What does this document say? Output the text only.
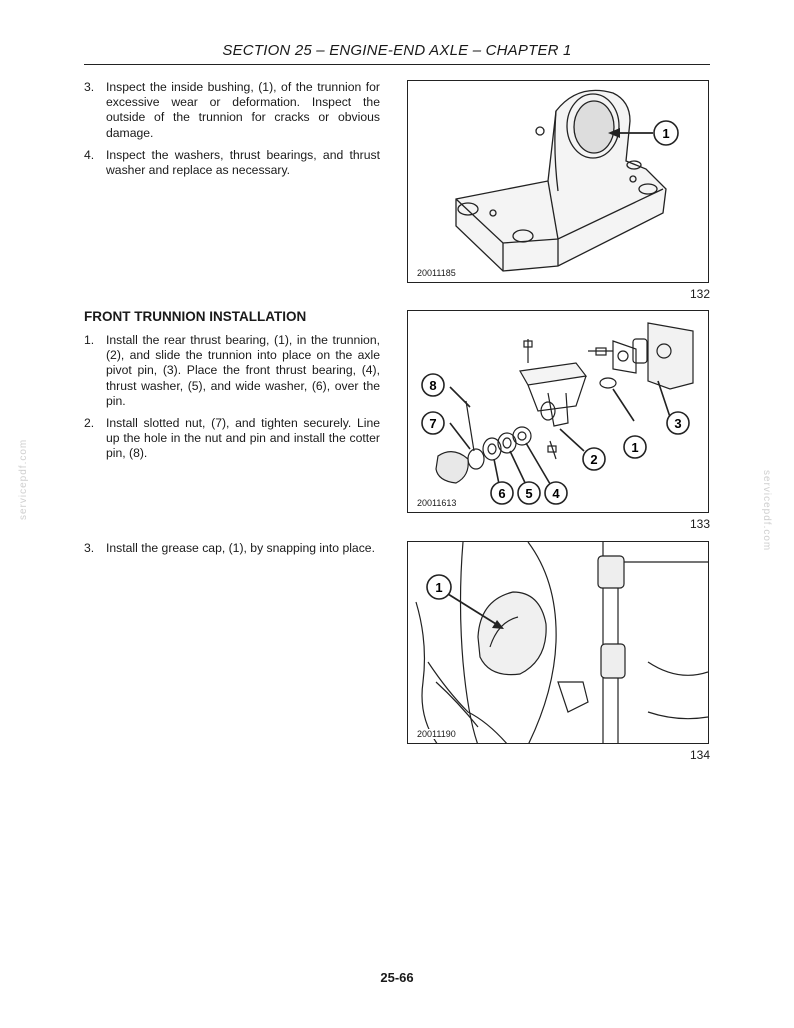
SECTION 25 – ENGINE-END AXLE – CHAPTER 1
3. Inspect the inside bushing, (1), of the trunnion for excessive wear or deformation. Inspect the outside of the trunnion for cracks or obvious damage.
4. Inspect the washers, thrust bearings, and thrust washer and replace as necessary.
FRONT TRUNNION INSTALLATION
1. Install the rear thrust bearing, (1), in the trunnion, (2), and slide the trunnion into place on the axle pivot pin, (3). Place the front thrust bearing, (4), thrust washer, (5), and wide washer, (6), over the pin.
2. Install slotted nut, (7), and tighten securely. Line up the hole in the nut and pin and install the cotter pin, (8).
3. Install the grease cap, (1), by snapping into place.
1
20011185
132
8
7
1
3
2
4
5
6
20011613
133
1
20011190
134
servicepdf.com	servicepdf.com
25-66
